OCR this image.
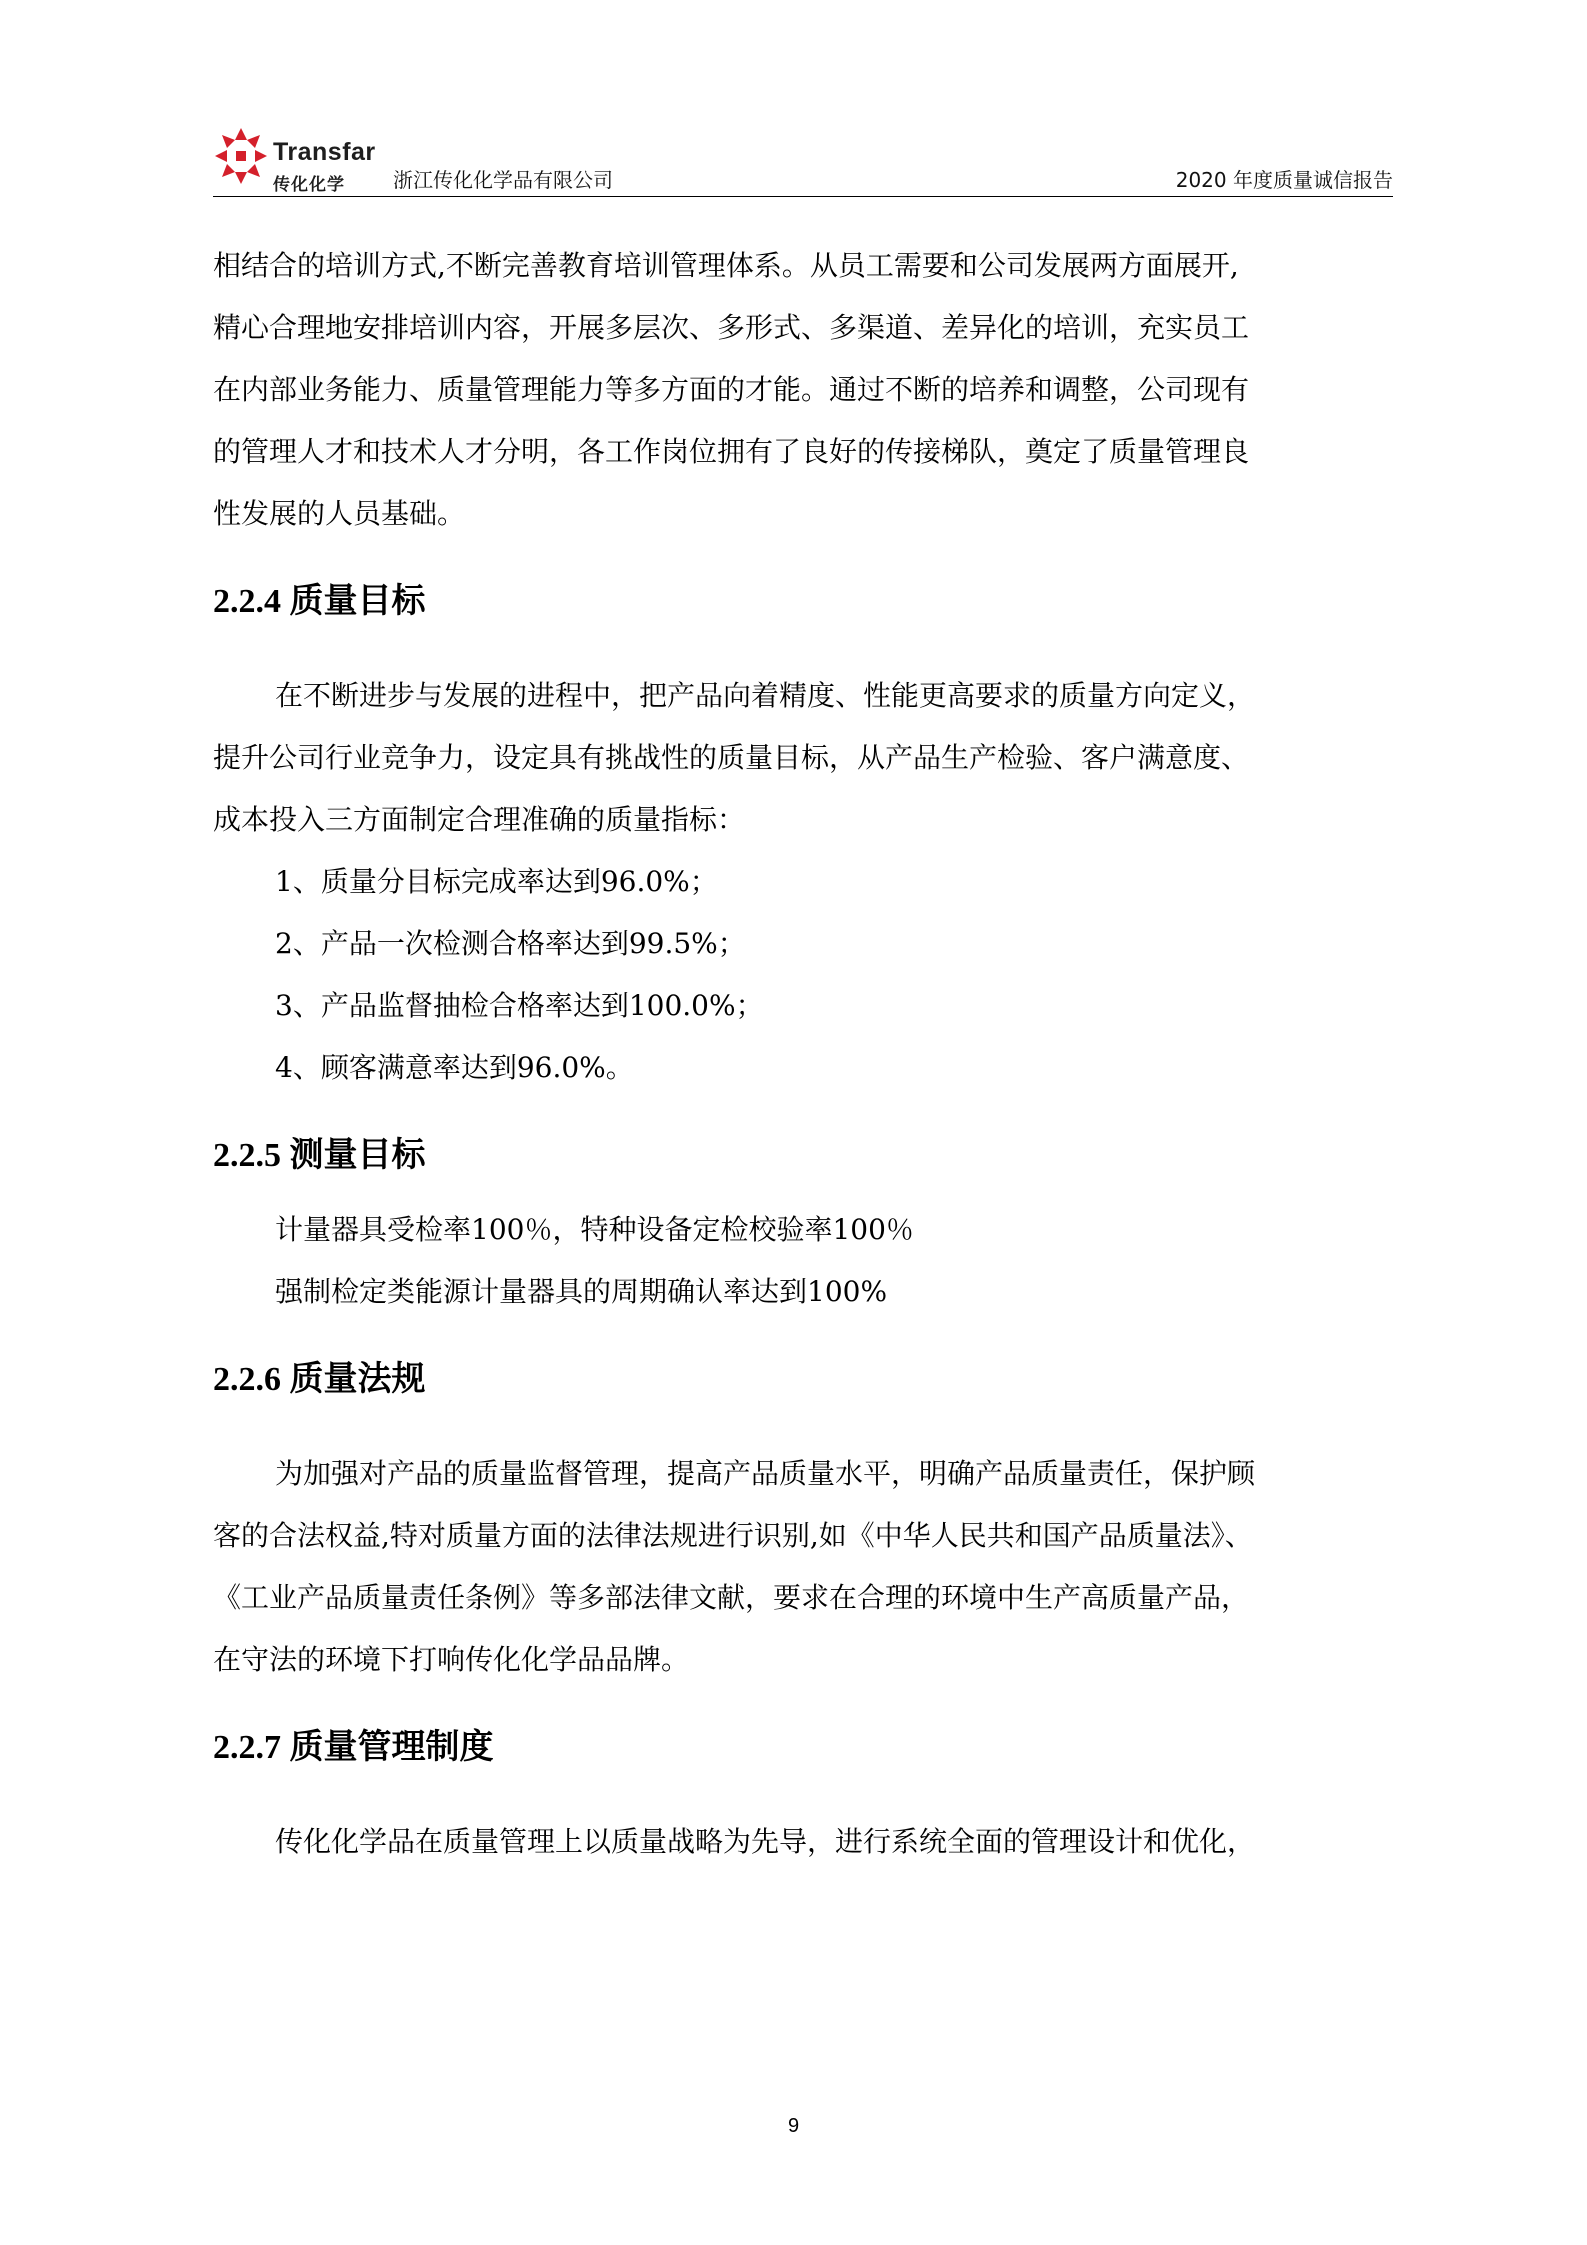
Transfar
传化化学 浙江传化化学品有限公司	2020 年度质量诚信报告

相结合的培训方式,不断完善教育培训管理体系。从员工需要和公司发展两方面展开,

精心合理地安排培训内容，开展多层次、多形式、多渠道、差异化的培训，充实员工

在内部业务能力、质量管理能力等多方面的才能。通过不断的培养和调整，公司现有

的管理人才和技术人才分明，各工作岗位拥有了良好的传接梯队，奠定了质量管理良

性发展的人员基础。

2.2.4 质量目标

在不断进步与发展的进程中，把产品向着精度、性能更高要求的质量方向定义，

提升公司行业竞争力，设定具有挑战性的质量目标，从产品生产检验、客户满意度、

成本投入三方面制定合理准确的质量指标：

1、质量分目标完成率达到96.0%；

2、产品一次检测合格率达到99.5%；

3、产品监督抽检合格率达到100.0%；

4、顾客满意率达到96.0%。

2.2.5 测量目标

计量器具受检率100％，特种设备定检校验率100％

强制检定类能源计量器具的周期确认率达到100%

2.2.6 质量法规

为加强对产品的质量监督管理，提高产品质量水平，明确产品质量责任，保护顾

客的合法权益,特对质量方面的法律法规进行识别,如《中华人民共和国产品质量法》、

《工业产品质量责任条例》等多部法律文献，要求在合理的环境中生产高质量产品，

在守法的环境下打响传化化学品品牌。

2.2.7 质量管理制度

传化化学品在质量管理上以质量战略为先导，进行系统全面的管理设计和优化，

9
